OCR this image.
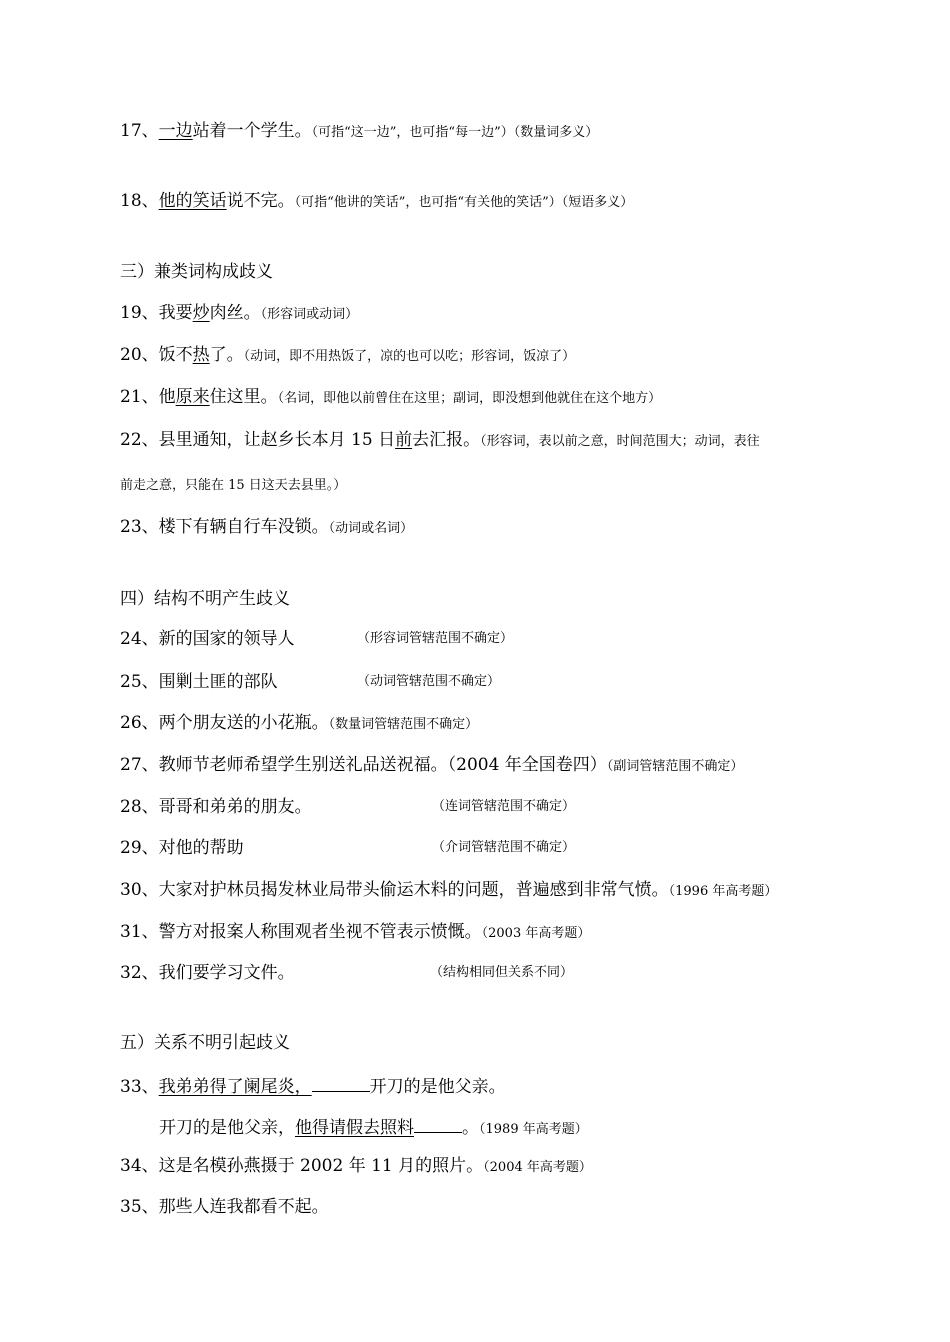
17、一边站着一个学生。（可指“这一边”，也可指“每一边”）（数量词多义）
18、他的笑话说不完。（可指“他讲的笑话”，也可指“有关他的笑话”）（短语多义）
三）兼类词构成歧义
19、我要炒肉丝。（形容词或动词）
20、饭不热了。（动词，即不用热饭了，凉的也可以吃；形容词，饭凉了）
21、他原来住这里。（名词，即他以前曾住在这里；副词，即没想到他就住在这个地方）
22、县里通知，让赵乡长本月 15 日前去汇报。（形容词，表以前之意，时间范围大；动词，表往
前走之意，只能在 15 日这天去县里。）
23、楼下有辆自行车没锁。（动词或名词）
四）结构不明产生歧义
24、新的国家的领导人	（形容词管辖范围不确定）
25、围剿土匪的部队	（动词管辖范围不确定）
26、两个朋友送的小花瓶。（数量词管辖范围不确定）
27、教师节老师希望学生别送礼品送祝福。（2004 年全国卷四）（副词管辖范围不确定）
28、哥哥和弟弟的朋友。	（连词管辖范围不确定）
29、对他的帮助	（介词管辖范围不确定）
30、大家对护林员揭发林业局带头偷运木料的问题，普遍感到非常气愤。（1996 年高考题）
31、警方对报案人称围观者坐视不管表示愤慨。（2003 年高考题）
32、我们要学习文件。	（结构相同但关系不同）
五）关系不明引起歧义
33、我弟弟得了阑尾炎，	开刀的是他父亲。
开刀的是他父亲，他得请假去照料	。（1989 年高考题）
34、这是名模孙燕摄于 2002 年 11 月的照片。（2004 年高考题）
35、那些人连我都看不起。
